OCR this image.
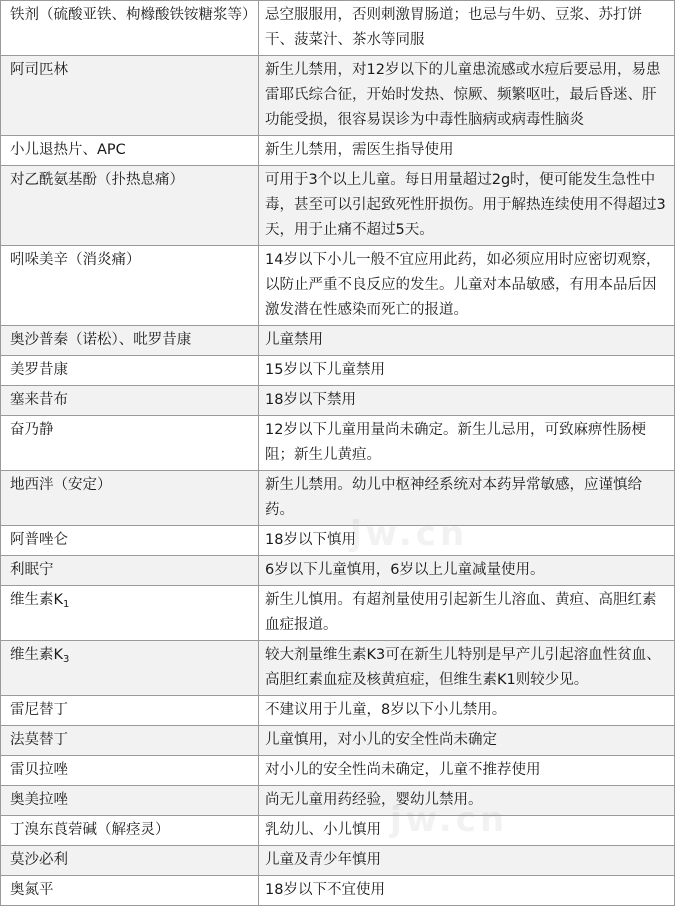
铁剂（硫酸亚铁、枸橼酸铁铵糖浆等）	忌空服服用，否则刺激胃肠道；也忌与牛奶、豆浆、苏打饼干、菠菜汁、茶水等同服
阿司匹林	新生儿禁用，对12岁以下的儿童患流感或水痘后要忌用，易患雷耶氏综合征，开始时发热、惊厥、频繁呕吐，最后昏迷、肝功能受损，很容易误诊为中毒性脑病或病毒性脑炎
小儿退热片、APC	新生儿禁用，需医生指导使用
对乙酰氨基酚（扑热息痛）	可用于3个以上儿童。每日用量超过2g时，便可能发生急性中毒，甚至可以引起致死性肝损伤。用于解热连续使用不得超过3天，用于止痛不超过5天。
吲哚美辛（消炎痛）	14岁以下小儿一般不宜应用此药，如必须应用时应密切观察，以防止严重不良反应的发生。儿童对本品敏感，有用本品后因激发潜在性感染而死亡的报道。
奥沙普秦（诺松）、吡罗昔康	儿童禁用
美罗昔康	15岁以下儿童禁用
塞来昔布	18岁以下禁用
奋乃静	12岁以下儿童用量尚未确定。新生儿忌用，可致麻痹性肠梗阻；新生儿黄疸。
地西泮（安定）	新生儿禁用。幼儿中枢神经系统对本药异常敏感，应谨慎给药。
阿普唑仑	18岁以下慎用
利眠宁	6岁以下儿童慎用，6岁以上儿童减量使用。
维生素$K_1$	新生儿慎用。有超剂量使用引起新生儿溶血、黄疸、高胆红素血症报道。
维生素$K_3$	较大剂量维生素K3可在新生儿特别是早产儿引起溶血性贫血、高胆红素血症及核黄疸症，但维生素K1则较少见。
雷尼替丁	不建议用于儿童，8岁以下小儿禁用。
法莫替丁	儿童慎用，对小儿的安全性尚未确定
雷贝拉唑	对小儿的安全性尚未确定，儿童不推荐使用
奥美拉唑	尚无儿童用药经验，婴幼儿禁用。
丁溴东莨菪碱（解痉灵）	乳幼儿、小儿慎用
莫沙必利	儿童及青少年慎用
奥氮平	18岁以下不宜使用
